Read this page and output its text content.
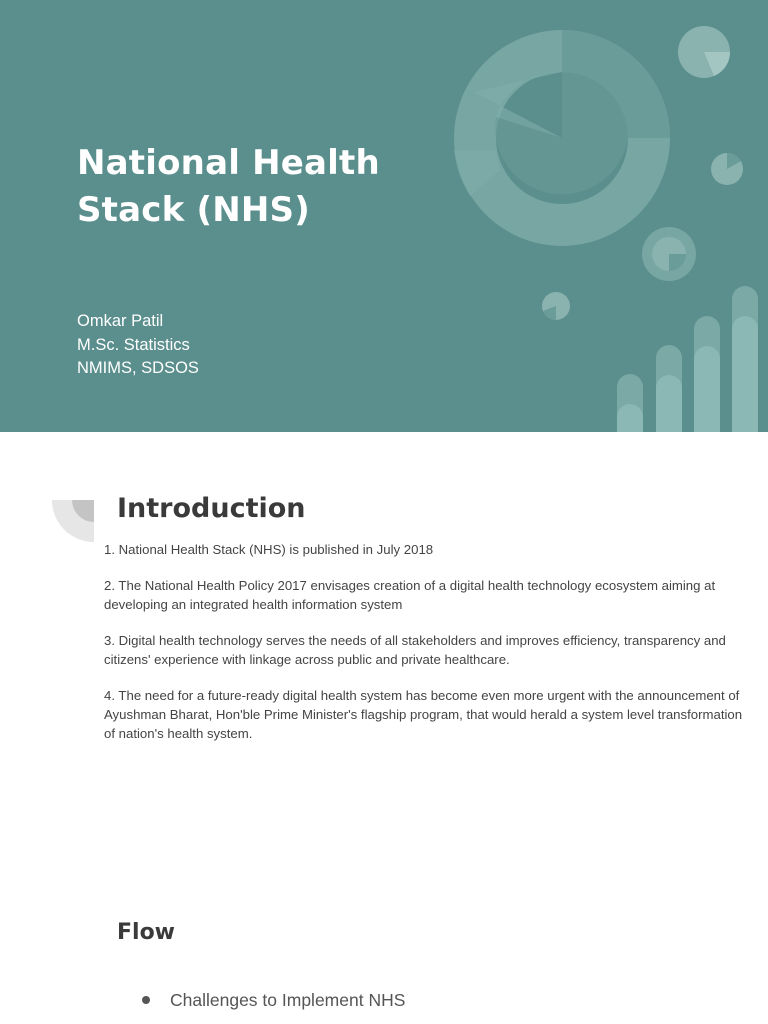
National Health Stack (NHS)
Omkar Patil
M.Sc. Statistics
NMIMS, SDSOS
Introduction

1. National Health Stack (NHS) is published in July 2018

2. The National Health Policy 2017 envisages creation of a digital health technology ecosystem aiming at developing an integrated health information system

3. Digital health technology serves the needs of all stakeholders and improves efficiency, transparency and citizens' experience with linkage across public and private healthcare.

4. The need for a future-ready digital health system has become even more urgent with the announcement of Ayushman Bharat, Hon'ble Prime Minister's flagship program, that would herald a system level transformation of nation's health system.

Flow
Challenges to Implement NHS
